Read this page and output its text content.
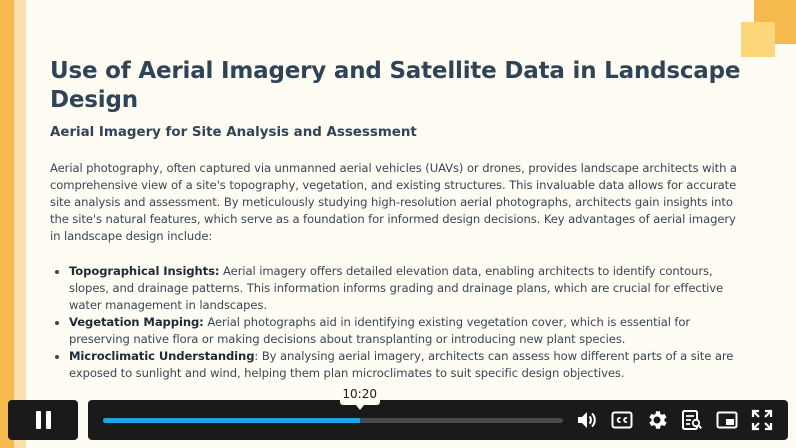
Use of Aerial Imagery and Satellite Data in Landscape Design
Aerial Imagery for Site Analysis and Assessment

Aerial photography, often captured via unmanned aerial vehicles (UAVs) or drones, provides landscape architects with a comprehensive view of a site's topography, vegetation, and existing structures. This invaluable data allows for accurate site analysis and assessment. By meticulously studying high-resolution aerial photographs, architects gain insights into the site's natural features, which serve as a foundation for informed design decisions. Key advantages of aerial imagery in landscape design include:

• Topographical Insights: Aerial imagery offers detailed elevation data, enabling architects to identify contours, slopes, and drainage patterns. This information informs grading and drainage plans, which are crucial for effective water management in landscapes.
• Vegetation Mapping: Aerial photographs aid in identifying existing vegetation cover, which is essential for preserving native flora or making decisions about transplanting or introducing new plant species.
• Microclimatic Understanding: By analysing aerial imagery, architects can assess how different parts of a site are exposed to sunlight and wind, helping them plan microclimates to suit specific design objectives.
10:20
